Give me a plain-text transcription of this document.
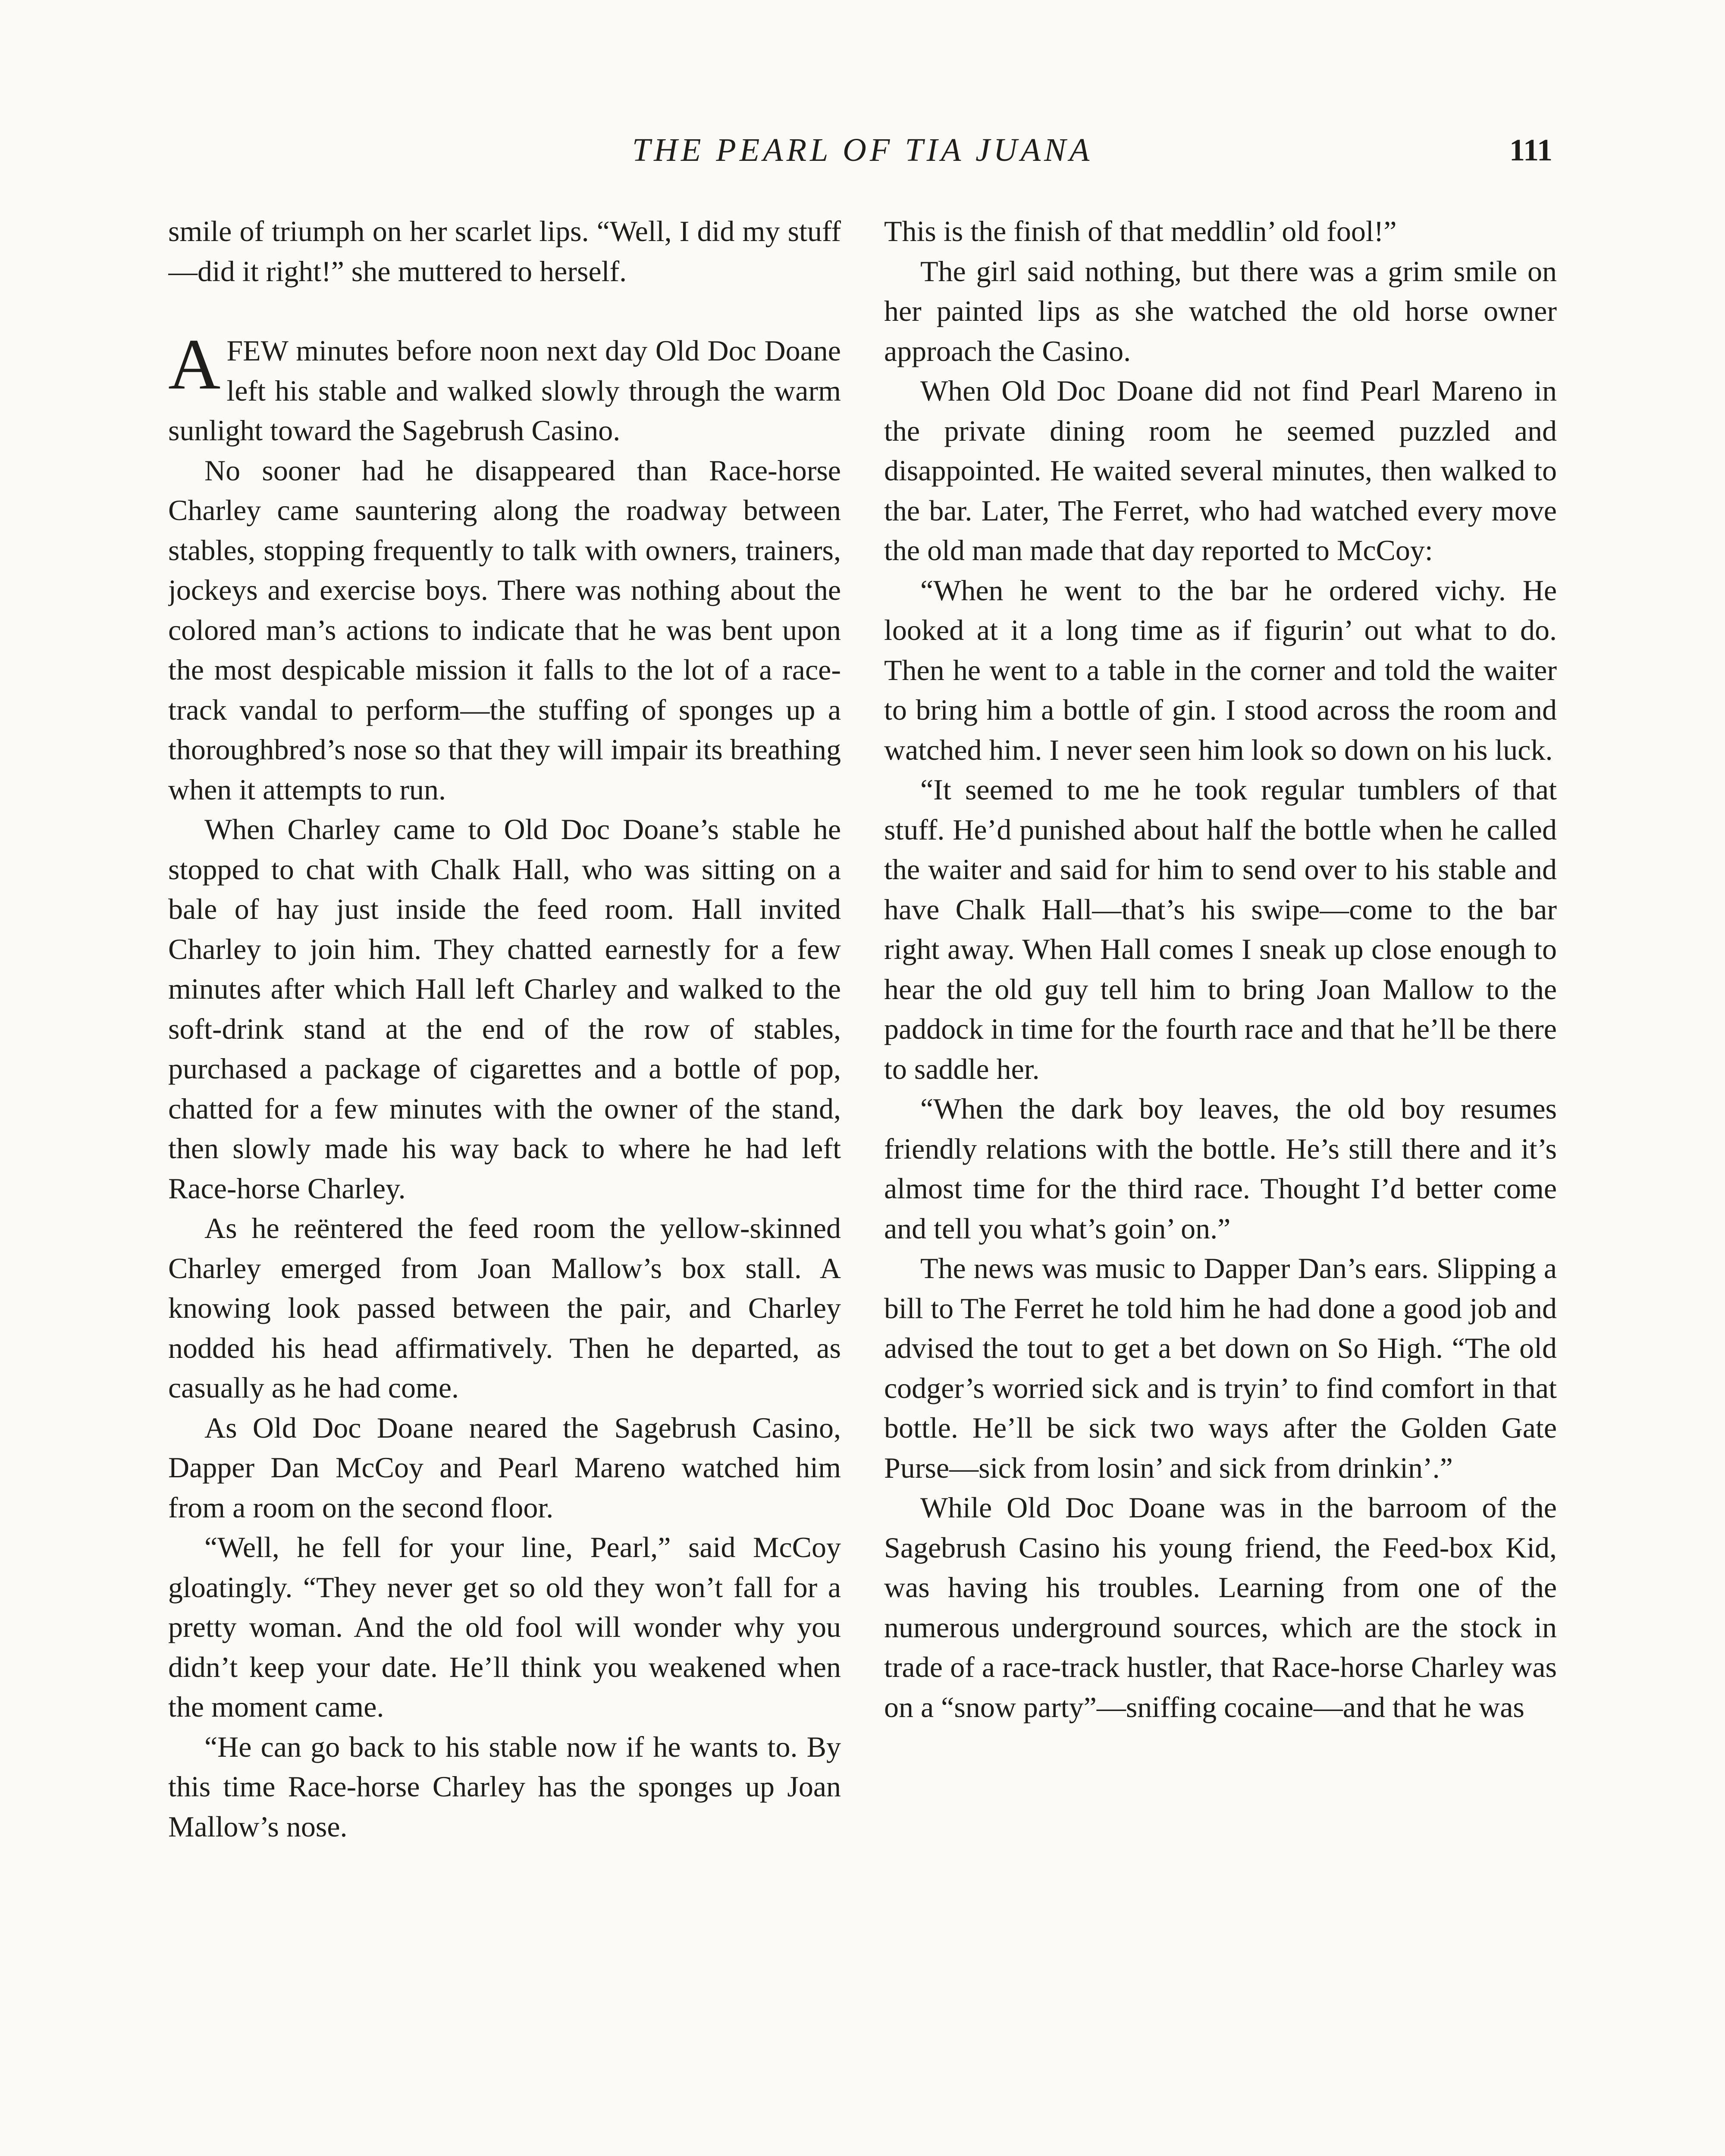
THE PEARL OF TIA JUANA	111

smile of triumph on her scarlet lips. “Well, I did my stuff—did it right!” she muttered to herself.

AFEW minutes before noon next day Old Doc Doane left his stable and walked slowly through the warm sunlight toward the Sagebrush Casino.

No sooner had he disappeared than Race-horse Charley came sauntering along the roadway between stables, stopping frequently to talk with owners, trainers, jockeys and exercise boys. There was nothing about the colored man’s actions to indicate that he was bent upon the most despicable mission it falls to the lot of a race-track vandal to perform—the stuffing of sponges up a thoroughbred’s nose so that they will impair its breathing when it attempts to run.

When Charley came to Old Doc Doane’s stable he stopped to chat with Chalk Hall, who was sitting on a bale of hay just inside the feed room. Hall invited Charley to join him. They chatted earnestly for a few minutes after which Hall left Charley and walked to the soft-drink stand at the end of the row of stables, purchased a package of cigarettes and a bottle of pop, chatted for a few minutes with the owner of the stand, then slowly made his way back to where he had left Race-horse Charley.

As he reëntered the feed room the yellow-skinned Charley emerged from Joan Mallow’s box stall. A knowing look passed between the pair, and Charley nodded his head affirmatively. Then he departed, as casually as he had come.

As Old Doc Doane neared the Sagebrush Casino, Dapper Dan McCoy and Pearl Mareno watched him from a room on the second floor.

“Well, he fell for your line, Pearl,” said McCoy gloatingly. “They never get so old they won’t fall for a pretty woman. And the old fool will wonder why you didn’t keep your date. He’ll think you weakened when the moment came.

“He can go back to his stable now if he wants to. By this time Race-horse Charley has the sponges up Joan Mallow’s nose.

This is the finish of that meddlin’ old fool!”

The girl said nothing, but there was a grim smile on her painted lips as she watched the old horse owner approach the Casino.

When Old Doc Doane did not find Pearl Mareno in the private dining room he seemed puzzled and disappointed. He waited several minutes, then walked to the bar. Later, The Ferret, who had watched every move the old man made that day reported to McCoy:

“When he went to the bar he ordered vichy. He looked at it a long time as if figurin’ out what to do. Then he went to a table in the corner and told the waiter to bring him a bottle of gin. I stood across the room and watched him. I never seen him look so down on his luck.

“It seemed to me he took regular tumblers of that stuff. He’d punished about half the bottle when he called the waiter and said for him to send over to his stable and have Chalk Hall—that’s his swipe—come to the bar right away. When Hall comes I sneak up close enough to hear the old guy tell him to bring Joan Mallow to the paddock in time for the fourth race and that he’ll be there to saddle her.

“When the dark boy leaves, the old boy resumes friendly relations with the bottle. He’s still there and it’s almost time for the third race. Thought I’d better come and tell you what’s goin’ on.”

The news was music to Dapper Dan’s ears. Slipping a bill to The Ferret he told him he had done a good job and advised the tout to get a bet down on So High. “The old codger’s worried sick and is tryin’ to find comfort in that bottle. He’ll be sick two ways after the Golden Gate Purse—sick from losin’ and sick from drinkin’.”

While Old Doc Doane was in the barroom of the Sagebrush Casino his young friend, the Feed-box Kid, was having his troubles. Learning from one of the numerous underground sources, which are the stock in trade of a race-track hustler, that Race-horse Charley was on a “snow party”—sniffing cocaine—and that he was
